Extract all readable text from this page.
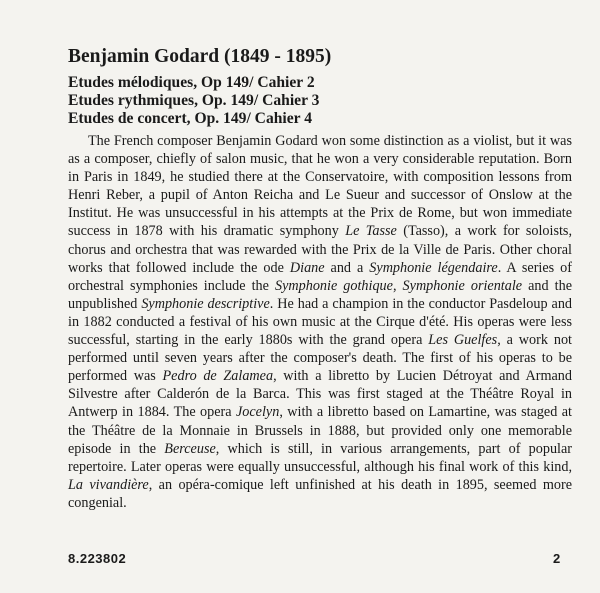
Benjamin Godard (1849 - 1895)
Etudes mélodiques, Op 149/ Cahier 2
Etudes rythmiques, Op. 149/ Cahier 3
Etudes de concert, Op. 149/ Cahier 4

The French composer Benjamin Godard won some distinction as a violist, but it was as a composer, chiefly of salon music, that he won a very considerable reputation. Born in Paris in 1849, he studied there at the Conservatoire, with composition lessons from Henri Reber, a pupil of Anton Reicha and Le Sueur and successor of Onslow at the Institut. He was unsuccessful in his attempts at the Prix de Rome, but won immediate success in 1878 with his dramatic symphony Le Tasse (Tasso), a work for soloists, chorus and orchestra that was rewarded with the Prix de la Ville de Paris. Other choral works that followed include the ode Diane and a Symphonie légendaire. A series of orchestral symphonies include the Symphonie gothique, Symphonie orientale and the unpublished Symphonie descriptive. He had a champion in the conductor Pasdeloup and in 1882 conducted a festival of his own music at the Cirque d'été. His operas were less successful, starting in the early 1880s with the grand opera Les Guelfes, a work not performed until seven years after the composer's death. The first of his operas to be performed was Pedro de Zalamea, with a libretto by Lucien Détroyat and Armand Silvestre after Calderón de la Barca. This was first staged at the Théâtre Royal in Antwerp in 1884. The opera Jocelyn, with a libretto based on Lamartine, was staged at the Théâtre de la Monnaie in Brussels in 1888, but provided only one memorable episode in the Berceuse, which is still, in various arrangements, part of popular repertoire. Later operas were equally unsuccessful, although his final work of this kind, La vivandière, an opéra-comique left unfinished at his death in 1895, seemed more congenial.

8.223802	2
